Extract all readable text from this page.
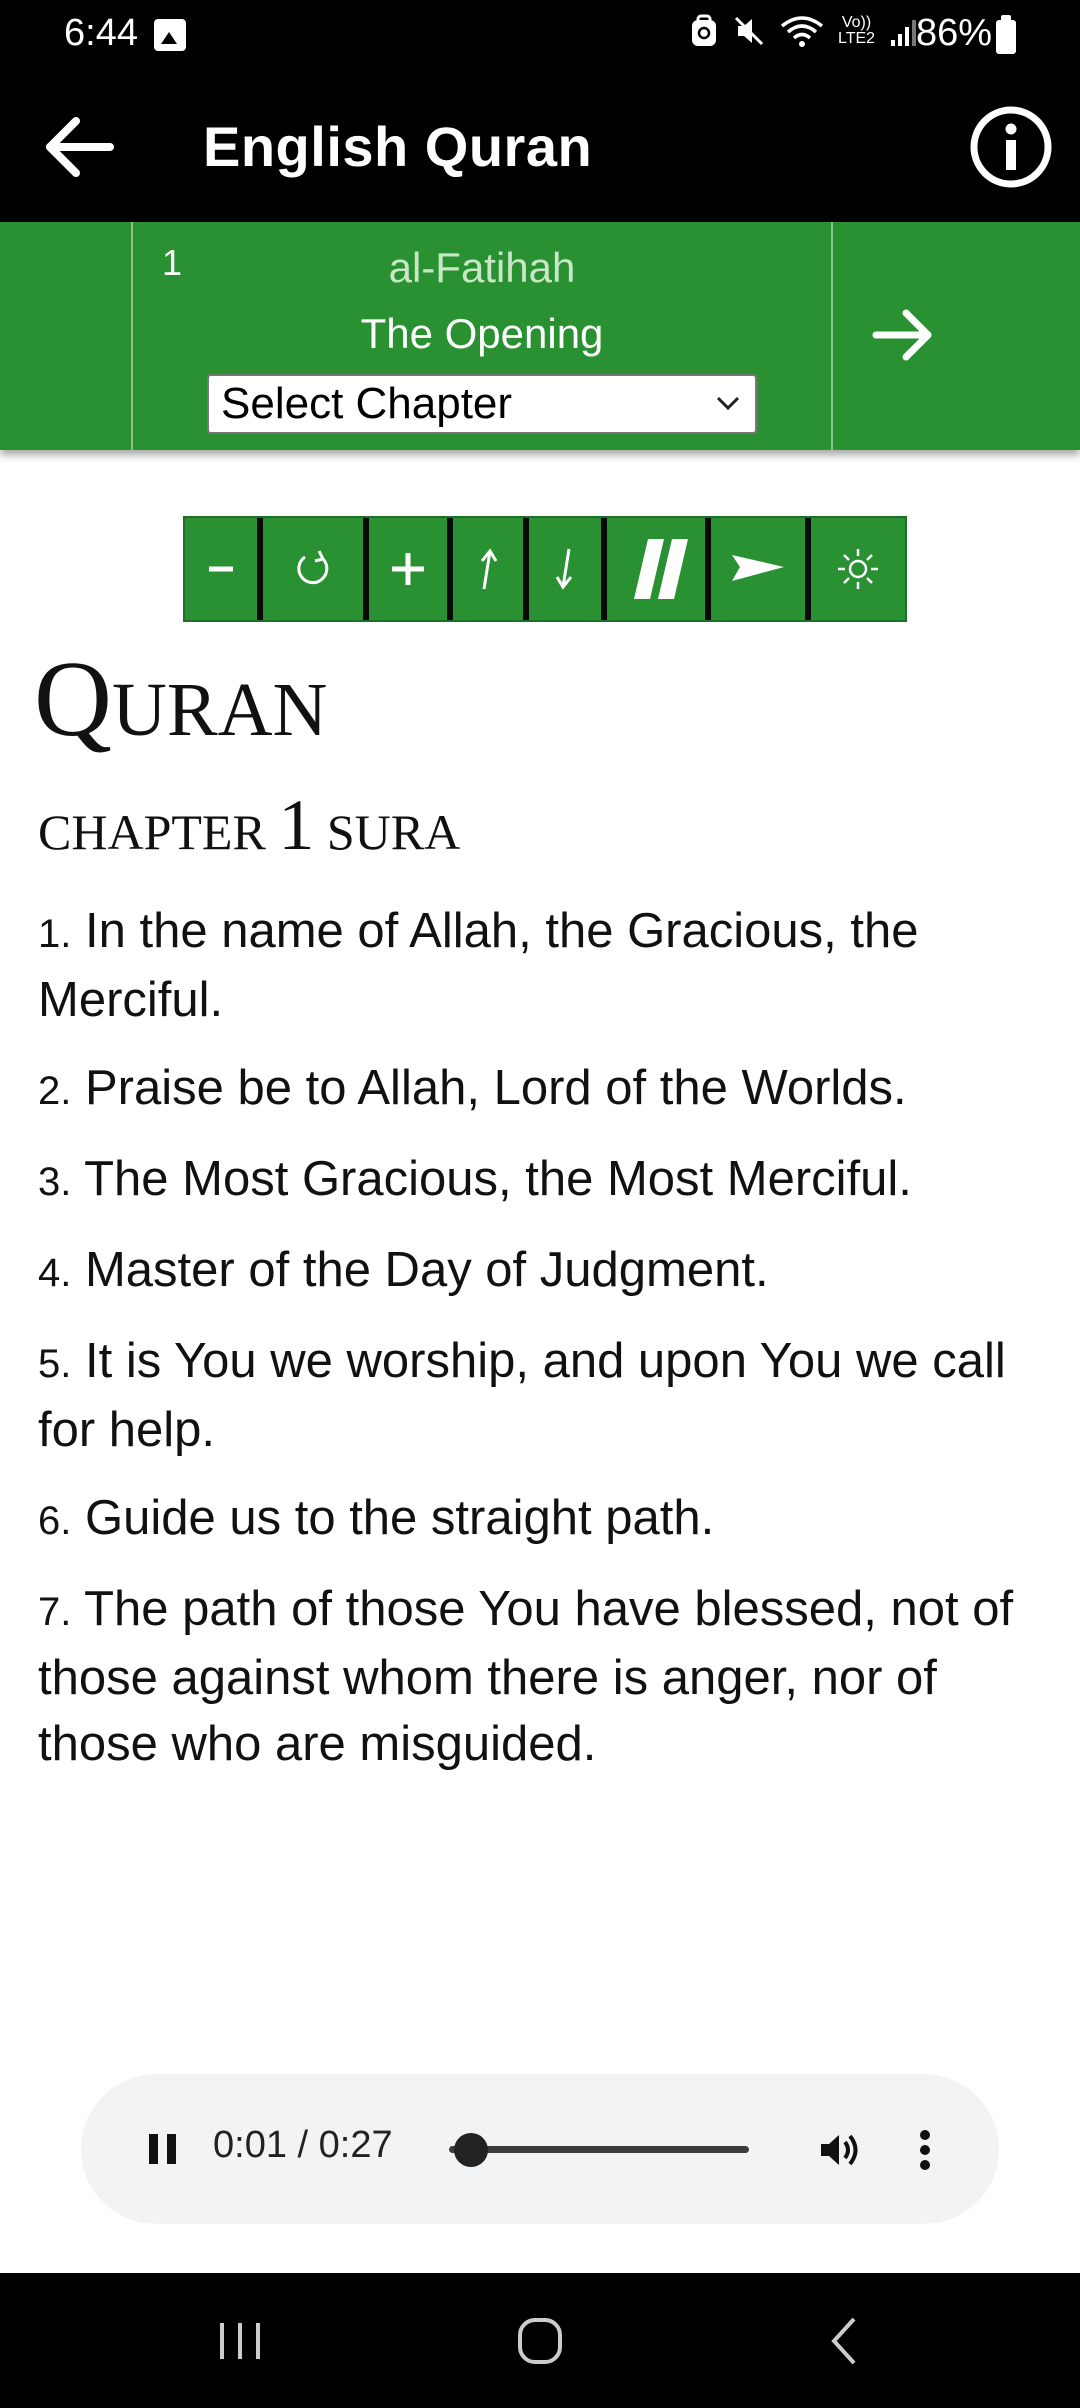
6:44	Vo))
LTE2 86%
English Quran
1	al-Fatihah
The Opening
Select Chapter
QURAN
CHAPTER 1 SURA

1. In the name of Allah, the Gracious, the Merciful.

2. Praise be to Allah, Lord of the Worlds.

3. The Most Gracious, the Most Merciful.

4. Master of the Day of Judgment.

5. It is You we worship, and upon You we call for help.

6. Guide us to the straight path.

7. The path of those You have blessed, not of those against whom there is anger, nor of those who are misguided.

0:01 / 0:27
